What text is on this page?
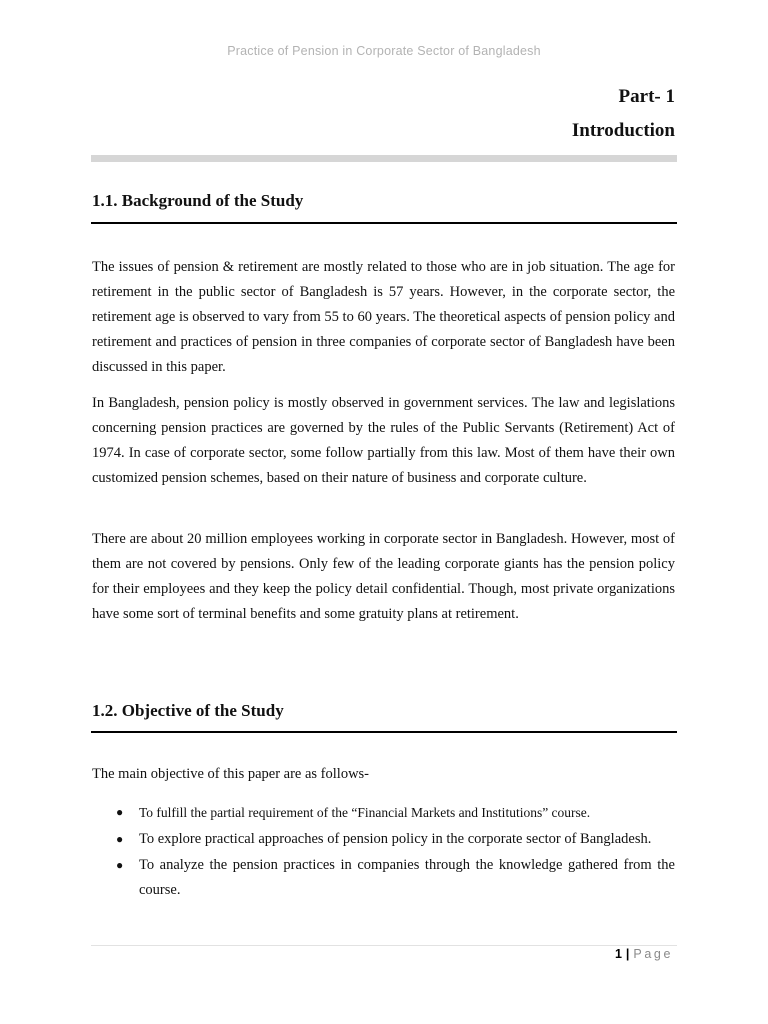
Practice of Pension in Corporate Sector of Bangladesh
Part- 1
Introduction
1.1. Background of the Study

The issues of pension & retirement are mostly related to those who are in job situation. The age for retirement in the public sector of Bangladesh is 57 years. However, in the corporate sector, the retirement age is observed to vary from 55 to 60 years. The theoretical aspects of pension policy and retirement and practices of pension in three companies of corporate sector of Bangladesh have been discussed in this paper.

In Bangladesh, pension policy is mostly observed in government services. The law and legislations concerning pension practices are governed by the rules of the Public Servants (Retirement) Act of 1974. In case of corporate sector, some follow partially from this law. Most of them have their own customized pension schemes, based on their nature of business and corporate culture.

There are about 20 million employees working in corporate sector in Bangladesh. However, most of them are not covered by pensions. Only few of the leading corporate giants has the pension policy for their employees and they keep the policy detail confidential. Though, most private organizations have some sort of terminal benefits and some gratuity plans at retirement.

1.2. Objective of the Study
The main objective of this paper are as follows-
● To fulfill the partial requirement of the “Financial Markets and Institutions” course.
● To explore practical approaches of pension policy in the corporate sector of Bangladesh.
● To analyze the pension practices in companies through the knowledge gathered from the course.
1 | Page
